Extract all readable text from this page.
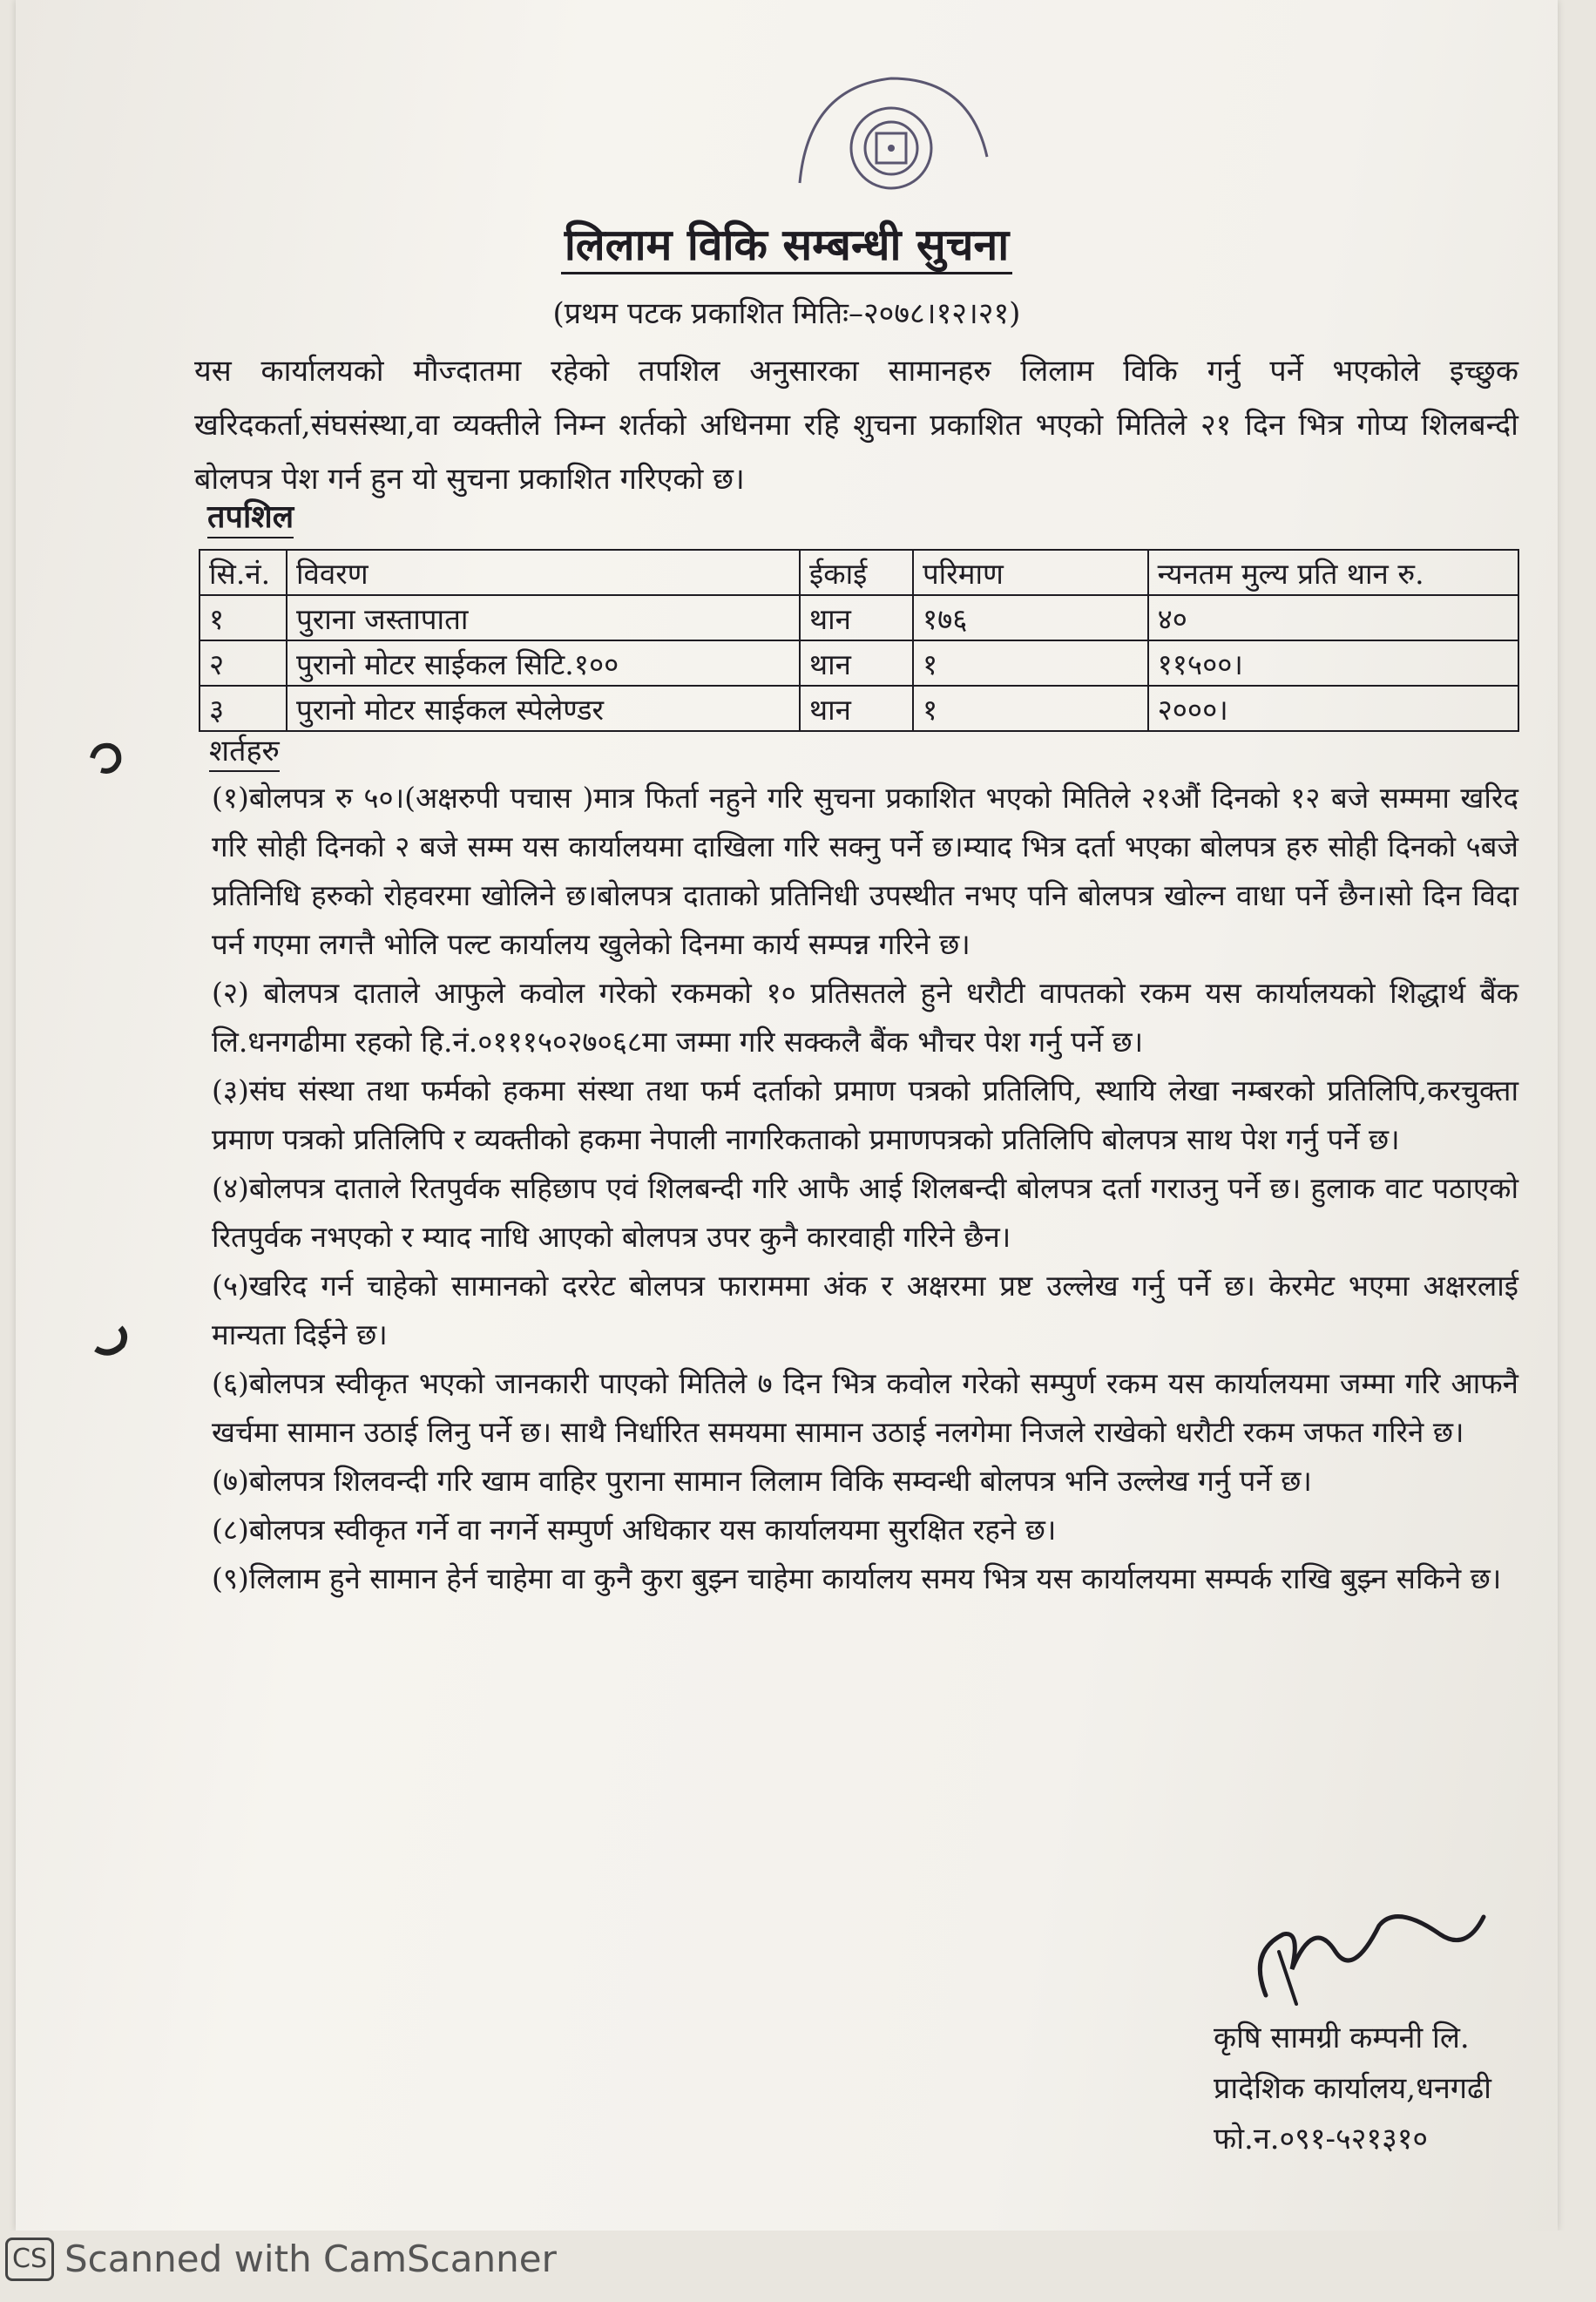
लिलाम विकि सम्बन्धी सुचना
(प्रथम पटक प्रकाशित मितिः–२०७८।१२।२१)
यस कार्यालयको मौज्दातमा रहेको तपशिल अनुसारका सामानहरु लिलाम विकि गर्नु पर्ने भएकोले इच्छुक खरिदकर्ता,संघसंस्था,वा व्यक्तीले निम्न शर्तको अधिनमा रहि शुचना प्रकाशित भएको मितिले २१ दिन भित्र गोप्य शिलबन्दी बोलपत्र पेश गर्न हुन यो सुचना प्रकाशित गरिएको छ।
तपशिल
सि.नं.	विवरण	ईकाई	परिमाण	न्यनतम मुल्य प्रति थान रु.
१	पुराना जस्तापाता	थान	१७६	४०
२	पुरानो मोटर साईकल सिटि.१००	थान	१	११५००।
३	पुरानो मोटर साईकल स्पेलेण्डर	थान	१	२०००।
शर्तहरु

(१)बोलपत्र रु ५०।(अक्षरुपी पचास )मात्र फिर्ता नहुने गरि सुचना प्रकाशित भएको मितिले २१औं दिनको १२ बजे सम्ममा खरिद गरि सोही दिनको २ बजे सम्म यस कार्यालयमा दाखिला गरि सक्नु पर्ने छ।म्याद भित्र दर्ता भएका बोलपत्र हरु सोही दिनको ५बजे प्रतिनिधि हरुको रोहवरमा खोलिने छ।बोलपत्र दाताको प्रतिनिधी उपस्थीत नभए पनि बोलपत्र खोल्न वाधा पर्ने छैन।सो दिन विदा पर्न गएमा लगत्तै भोलि पल्ट कार्यालय खुलेको दिनमा कार्य सम्पन्न गरिने छ।

(२) बोलपत्र दाताले आफुले कवोल गरेको रकमको १० प्रतिसतले हुने धरौटी वापतको रकम यस कार्यालयको शिद्धार्थ बैंक लि.धनगढीमा रहको हि.नं.०१११५०२७०६८मा जम्मा गरि सक्कलै बैंक भौचर पेश गर्नु पर्ने छ।

(३)संघ संस्था तथा फर्मको हकमा संस्था तथा फर्म दर्ताको प्रमाण पत्रको प्रतिलिपि, स्थायि लेखा नम्बरको प्रतिलिपि,करचुक्ता प्रमाण पत्रको प्रतिलिपि र व्यक्तीको हकमा नेपाली नागरिकताको प्रमाणपत्रको प्रतिलिपि बोलपत्र साथ पेश गर्नु पर्ने छ।

(४)बोलपत्र दाताले रितपुर्वक सहिछाप एवं शिलबन्दी गरि आफै आई शिलबन्दी बोलपत्र दर्ता गराउनु पर्ने छ। हुलाक वाट पठाएको रितपुर्वक नभएको र म्याद नाधि आएको बोलपत्र उपर कुनै कारवाही गरिने छैन।

(५)खरिद गर्न चाहेको सामानको दररेट बोलपत्र फाराममा अंक र अक्षरमा प्रष्ट उल्लेख गर्नु पर्ने छ। केरमेट भएमा अक्षरलाई मान्यता दिईने छ।

(६)बोलपत्र स्वीकृत भएको जानकारी पाएको मितिले ७ दिन भित्र कवोल गरेको सम्पुर्ण रकम यस कार्यालयमा जम्मा गरि आफनै खर्चमा सामान उठाई लिनु पर्ने छ। साथै निर्धारित समयमा सामान उठाई नलगेमा निजले राखेको धरौटी रकम जफत गरिने छ।

(७)बोलपत्र शिलवन्दी गरि खाम वाहिर पुराना सामान लिलाम विकि सम्वन्धी बोलपत्र भनि उल्लेख गर्नु पर्ने छ।

(८)बोलपत्र स्वीकृत गर्ने वा नगर्ने सम्पुर्ण अधिकार यस कार्यालयमा सुरक्षित रहने छ।

(९)लिलाम हुने सामान हेर्न चाहेमा वा कुनै कुरा बुझ्न चाहेमा कार्यालय समय भित्र यस कार्यालयमा सम्पर्क राखि बुझ्न सकिने छ।

कृषि सामग्री कम्पनी लि.

प्रादेशिक कार्यालय,धनगढी

फो.न.०९१-५२१३१०

CS Scanned with CamScanner
